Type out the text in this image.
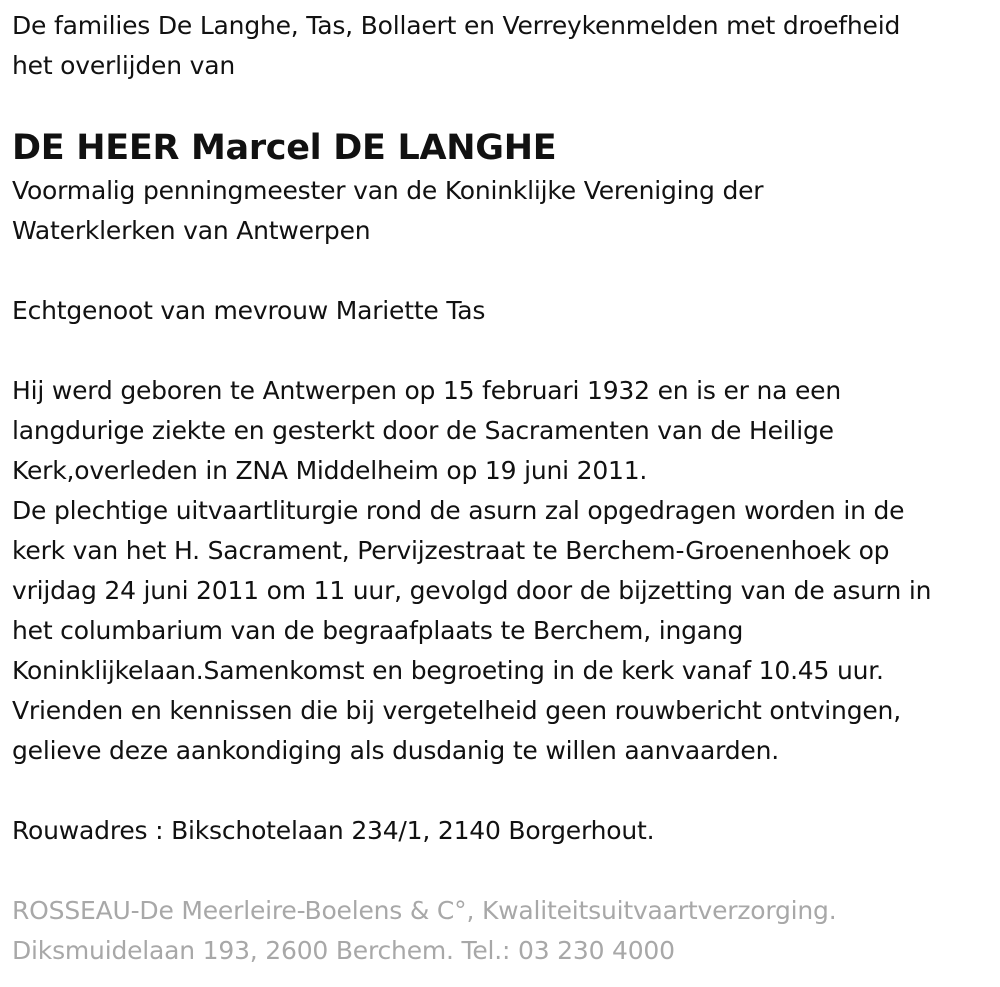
De families De Langhe, Tas, Bollaert en Verreykenmelden met droefheid
het overlijden van
DE HEER Marcel DE LANGHE
Voormalig penningmeester van de Koninklijke Vereniging der
Waterklerken van Antwerpen
Echtgenoot van mevrouw Mariette Tas
Hij werd geboren te Antwerpen op 15 februari 1932 en is er na een
langdurige ziekte en gesterkt door de Sacramenten van de Heilige
Kerk,overleden in ZNA Middelheim op 19 juni 2011.
De plechtige uitvaartliturgie rond de asurn zal opgedragen worden in de
kerk van het H. Sacrament, Pervijzestraat te Berchem-Groenenhoek op
vrijdag 24 juni 2011 om 11 uur, gevolgd door de bijzetting van de asurn in
het columbarium van de begraafplaats te Berchem, ingang
Koninklijkelaan.Samenkomst en begroeting in de kerk vanaf 10.45 uur.
Vrienden en kennissen die bij vergetelheid geen rouwbericht ontvingen,
gelieve deze aankondiging als dusdanig te willen aanvaarden.
Rouwadres : Bikschotelaan 234/1, 2140 Borgerhout.
ROSSEAU-De Meerleire-Boelens & C°, Kwaliteitsuitvaartverzorging.
Diksmuidelaan 193, 2600 Berchem. Tel.: 03 230 4000
